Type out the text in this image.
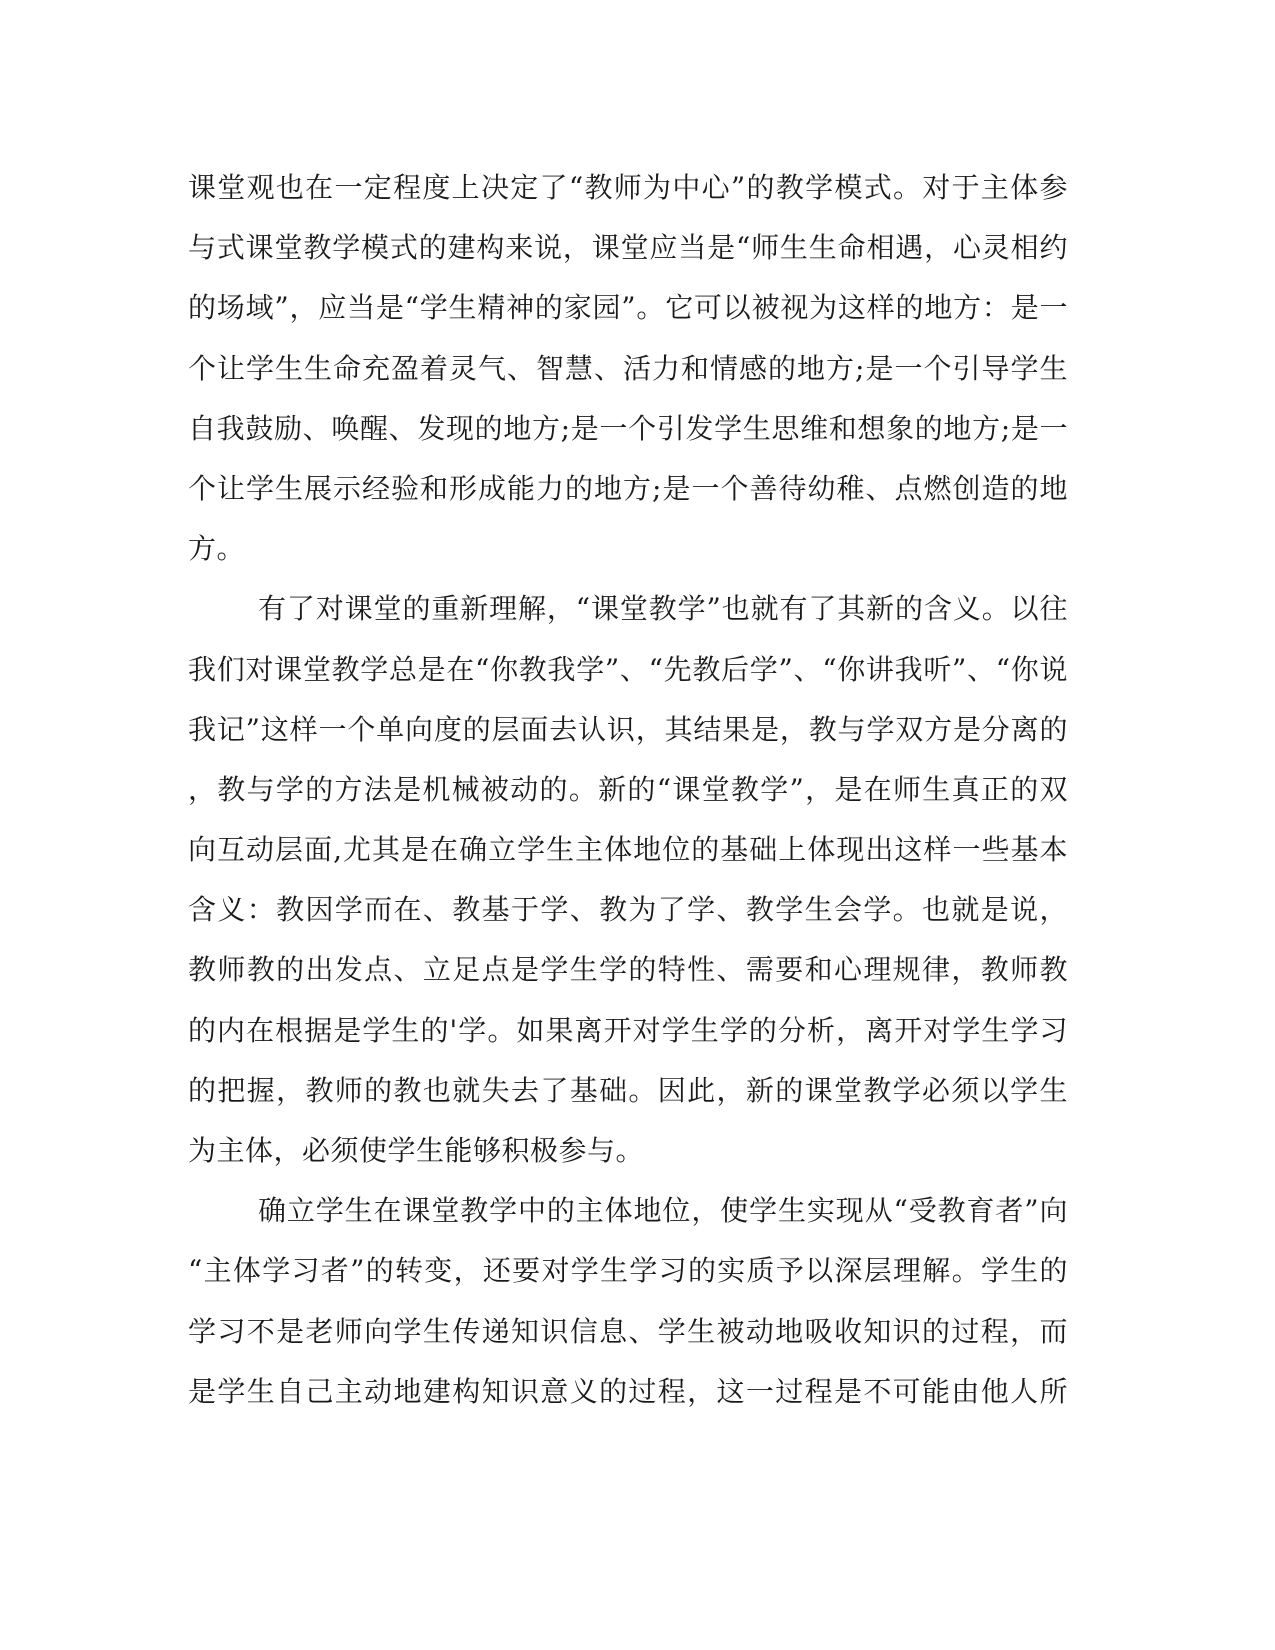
课堂观也在一定程度上决定了“教师为中心”的教学模式。对于主体参
与式课堂教学模式的建构来说，课堂应当是“师生生命相遇，心灵相约
的场域”，应当是“学生精神的家园”。它可以被视为这样的地方：是一
个让学生生命充盈着灵气、智慧、活力和情感的地方;是一个引导学生
自我鼓励、唤醒、发现的地方;是一个引发学生思维和想象的地方;是一
个让学生展示经验和形成能力的地方;是一个善待幼稚、点燃创造的地
方。
有了对课堂的重新理解，“课堂教学”也就有了其新的含义。以往
我们对课堂教学总是在“你教我学”、“先教后学”、“你讲我听”、“你说
我记”这样一个单向度的层面去认识，其结果是，教与学双方是分离的
，教与学的方法是机械被动的。新的“课堂教学”，是在师生真正的双
向互动层面,尤其是在确立学生主体地位的基础上体现出这样一些基本
含义：教因学而在、教基于学、教为了学、教学生会学。也就是说，
教师教的出发点、立足点是学生学的特性、需要和心理规律，教师教
的内在根据是学生的'学。如果离开对学生学的分析，离开对学生学习
的把握，教师的教也就失去了基础。因此，新的课堂教学必须以学生
为主体，必须使学生能够积极参与。
确立学生在课堂教学中的主体地位，使学生实现从“受教育者”向
“主体学习者”的转变，还要对学生学习的实质予以深层理解。学生的
学习不是老师向学生传递知识信息、学生被动地吸收知识的过程，而
是学生自己主动地建构知识意义的过程，这一过程是不可能由他人所
